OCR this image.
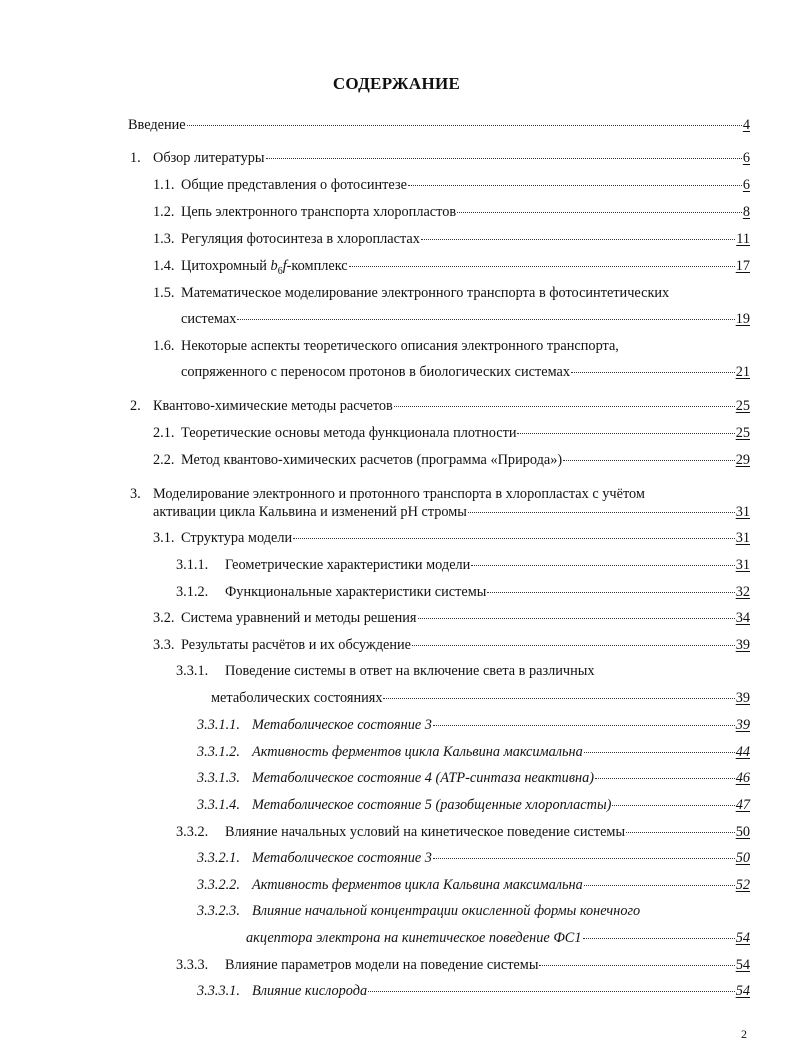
СОДЕРЖАНИЕ
Введение	4
1. Обзор литературы	6
1.1. Общие представления о фотосинтезе	6
1.2. Цепь электронного транспорта хлоропластов	8
1.3. Регуляция фотосинтеза в хлоропластах	11
1.4. Цитохромный $b_6f$-комплекс	17
1.5. Математическое моделирование электронного транспорта в фотосинтетических
системах	19
1.6. Некоторые аспекты теоретического описания электронного транспорта,
сопряженного с переносом протонов в биологических системах	21
2. Квантово-химические методы расчетов	25
2.1. Теоретические основы метода функционала плотности	25
2.2. Метод квантово-химических расчетов (программа «Природа»)	29
3. Моделирование электронного и протонного транспорта в хлоропластах с учётом
активации цикла Кальвина и изменений pH стромы	31
3.1. Структура модели	31
3.1.1. Геометрические характеристики модели	31
3.1.2. Функциональные характеристики системы	32
3.2. Система уравнений и методы решения	34
3.3. Результаты расчётов и их обсуждение	39
3.3.1. Поведение системы в ответ на включение света в различных
метаболических состояниях	39
3.3.1.1. Метаболическое состояние 3	39
3.3.1.2. Активность ферментов цикла Кальвина максимальна	44
3.3.1.3. Метаболическое состояние 4 (АТР-синтаза неактивна)	46
3.3.1.4. Метаболическое состояние 5 (разобщенные хлоропласты)	47
3.3.2. Влияние начальных условий на кинетическое поведение системы	50
3.3.2.1. Метаболическое состояние 3	50
3.3.2.2. Активность ферментов цикла Кальвина максимальна	52
3.3.2.3. Влияние начальной концентрации окисленной формы конечного
акцептора электрона на кинетическое поведение ФС1	54
3.3.3. Влияние параметров модели на поведение системы	54
3.3.3.1. Влияние кислорода	54
2
